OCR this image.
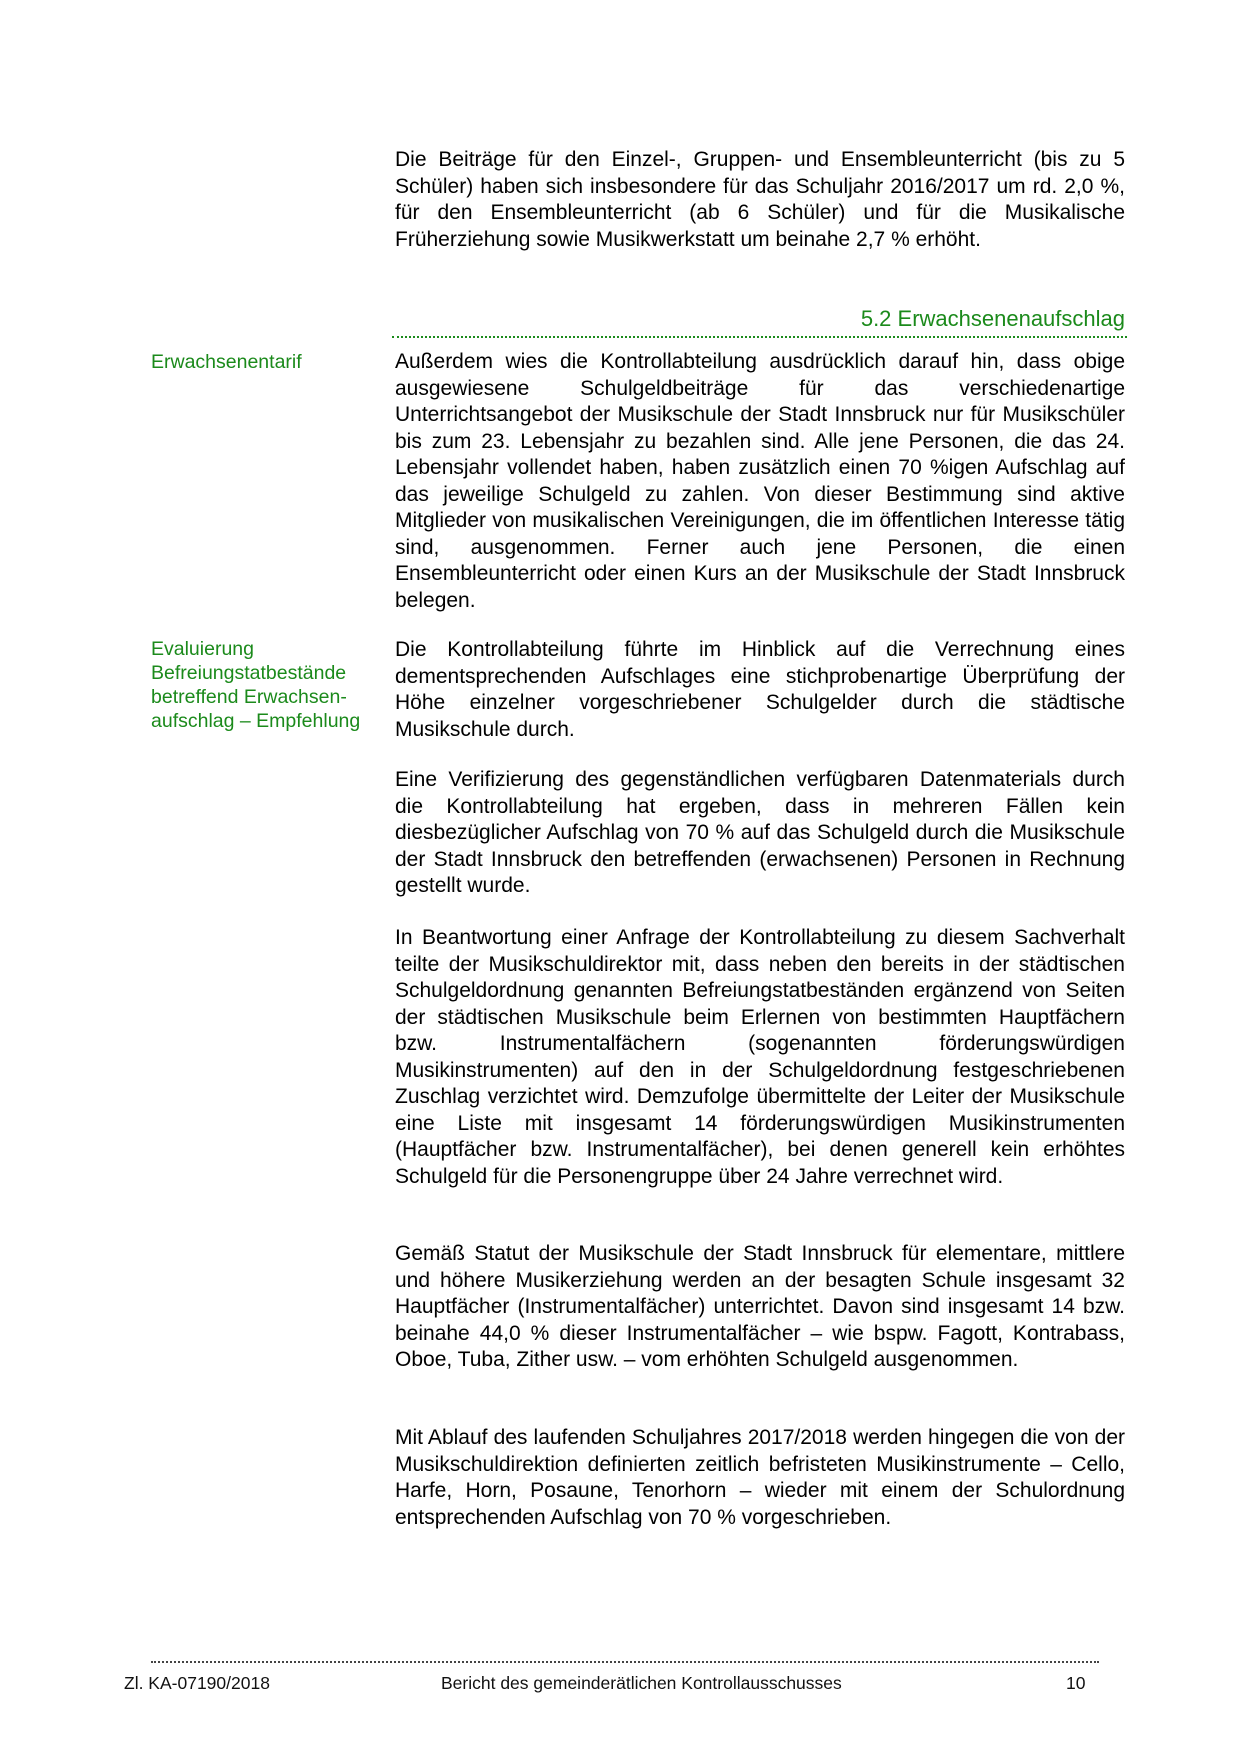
Die Beiträge für den Einzel-, Gruppen- und Ensembleunterricht (bis zu 5 Schüler) haben sich insbesondere für das Schuljahr 2016/2017 um rd. 2,0 %, für den Ensembleunterricht (ab 6 Schüler) und für die Musikalische Früherziehung sowie Musikwerkstatt um beinahe 2,7 % erhöht.

5.2 Erwachsenenaufschlag
Erwachsenentarif	Außerdem wies die Kontrollabteilung ausdrücklich darauf hin, dass obige ausgewiesene Schulgeldbeiträge für das verschiedenartige Unterrichtsangebot der Musikschule der Stadt Innsbruck nur für Musikschüler bis zum 23. Lebensjahr zu bezahlen sind. Alle jene Personen, die das 24. Lebensjahr vollendet haben, haben zusätzlich einen 70 %igen Aufschlag auf das jeweilige Schulgeld zu zahlen. Von dieser Bestimmung sind aktive Mitglieder von musikalischen Vereinigungen, die im öffentlichen Interesse tätig sind, ausgenommen. Ferner auch jene Personen, die einen Ensembleunterricht oder einen Kurs an der Musikschule der Stadt Innsbruck belegen.

Evaluierung Befreiungstatbestände betreffend Erwachsen-aufschlag – Empfehlung

Die Kontrollabteilung führte im Hinblick auf die Verrechnung eines dementsprechenden Aufschlages eine stichprobenartige Überprüfung der Höhe einzelner vorgeschriebener Schulgelder durch die städtische Musikschule durch.

Eine Verifizierung des gegenständlichen verfügbaren Datenmaterials durch die Kontrollabteilung hat ergeben, dass in mehreren Fällen kein diesbezüglicher Aufschlag von 70 % auf das Schulgeld durch die Musikschule der Stadt Innsbruck den betreffenden (erwachsenen) Personen in Rechnung gestellt wurde.

In Beantwortung einer Anfrage der Kontrollabteilung zu diesem Sachverhalt teilte der Musikschuldirektor mit, dass neben den bereits in der städtischen Schulgeldordnung genannten Befreiungstatbeständen ergänzend von Seiten der städtischen Musikschule beim Erlernen von bestimmten Hauptfächern bzw. Instrumentalfächern (sogenannten förderungswürdigen Musikinstrumenten) auf den in der Schulgeldordnung festgeschriebenen Zuschlag verzichtet wird. Demzufolge übermittelte der Leiter der Musikschule eine Liste mit insgesamt 14 förderungswürdigen Musikinstrumenten (Hauptfächer bzw. Instrumentalfächer), bei denen generell kein erhöhtes Schulgeld für die Personengruppe über 24 Jahre verrechnet wird.

Gemäß Statut der Musikschule der Stadt Innsbruck für elementare, mittlere und höhere Musikerziehung werden an der besagten Schule insgesamt 32 Hauptfächer (Instrumentalfächer) unterrichtet. Davon sind insgesamt 14 bzw. beinahe 44,0 % dieser Instrumentalfächer – wie bspw. Fagott, Kontrabass, Oboe, Tuba, Zither usw. – vom erhöhten Schulgeld ausgenommen.

Mit Ablauf des laufenden Schuljahres 2017/2018 werden hingegen die von der Musikschuldirektion definierten zeitlich befristeten Musikinstrumente – Cello, Harfe, Horn, Posaune, Tenorhorn – wieder mit einem der Schulordnung entsprechenden Aufschlag von 70 % vorgeschrieben.

Zl. KA-07190/2018	Bericht des gemeinderätlichen Kontrollausschusses	10
